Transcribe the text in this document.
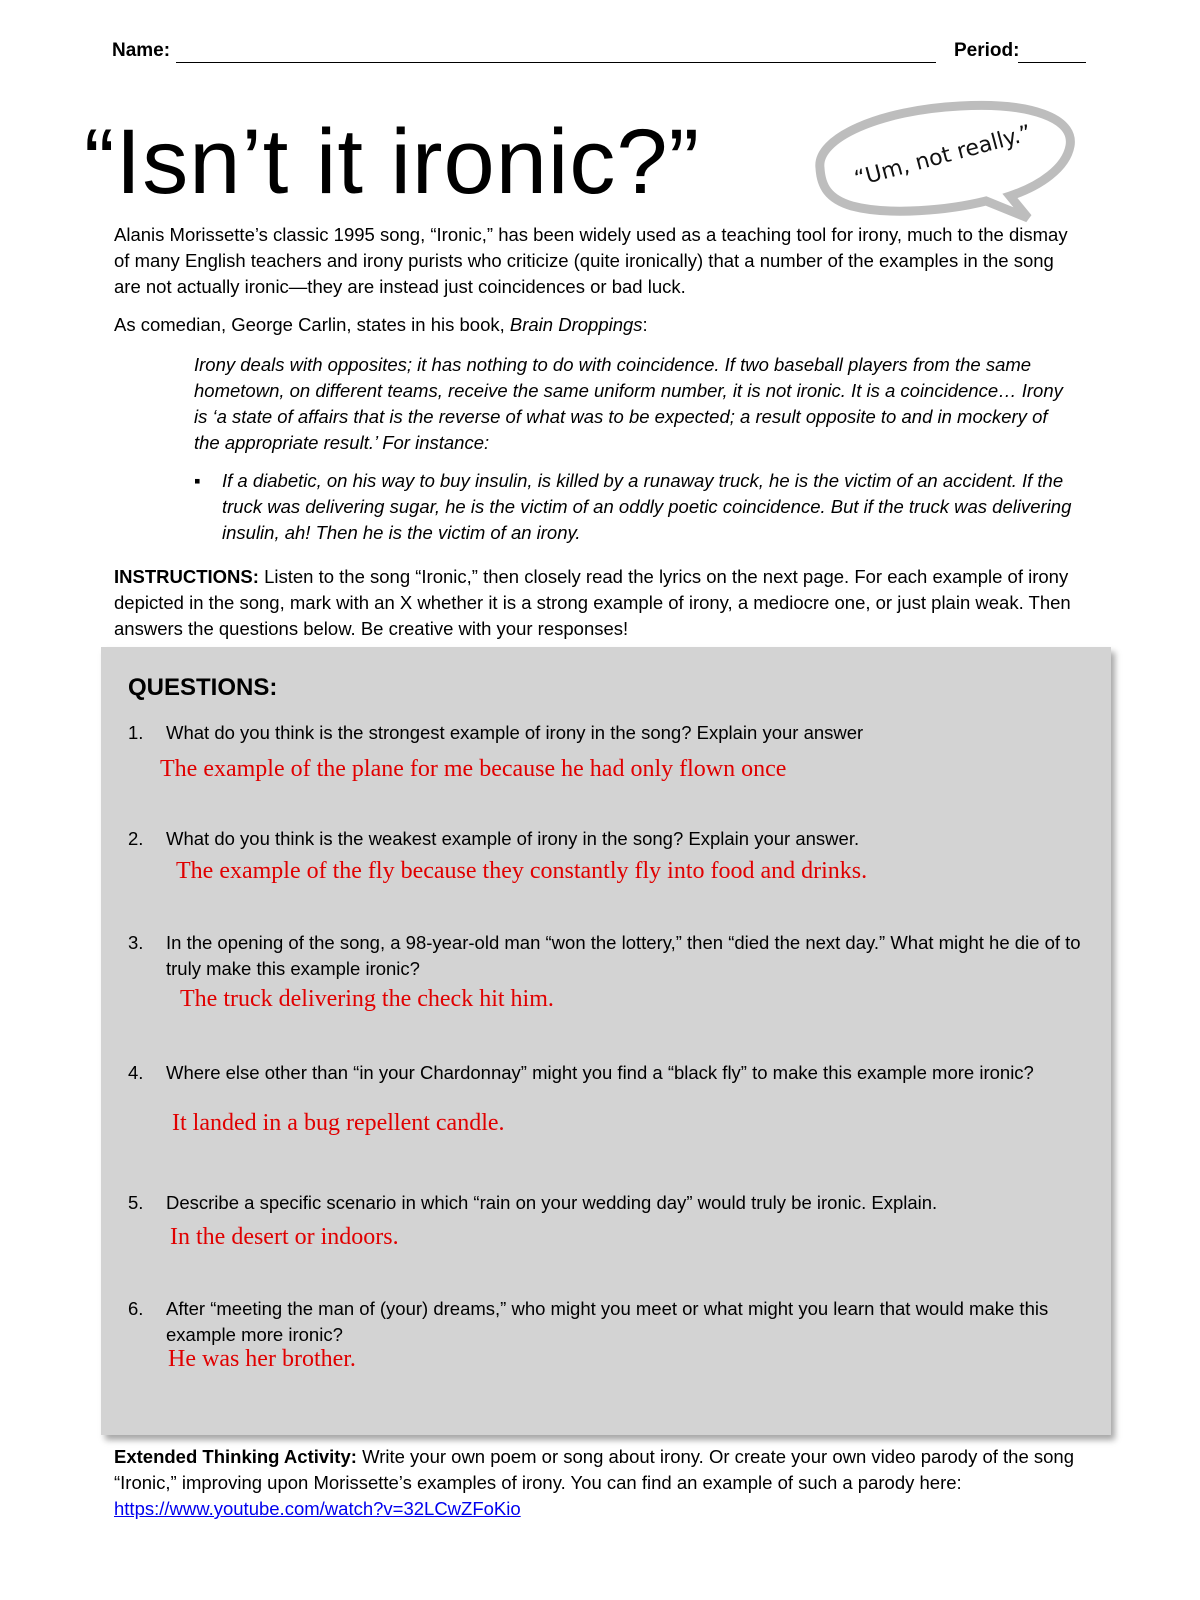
Name:	Period:
“Isn’t it ironic?”	“Um, not really.”
Alanis Morissette’s classic 1995 song, “Ironic,” has been widely used as a teaching tool for irony, much to the dismay of many English teachers and irony purists who criticize (quite ironically) that a number of the examples in the song are not actually ironic—they are instead just coincidences or bad luck.
As comedian, George Carlin, states in his book, Brain Droppings:
Irony deals with opposites; it has nothing to do with coincidence. If two baseball players from the same hometown, on different teams, receive the same uniform number, it is not ironic. It is a coincidence… Irony is ‘a state of affairs that is the reverse of what was to be expected; a result opposite to and in mockery of the appropriate result.’ For instance:
▪ If a diabetic, on his way to buy insulin, is killed by a runaway truck, he is the victim of an accident. If the truck was delivering sugar, he is the victim of an oddly poetic coincidence. But if the truck was delivering insulin, ah! Then he is the victim of an irony.
INSTRUCTIONS: Listen to the song “Ironic,” then closely read the lyrics on the next page. For each example of irony depicted in the song, mark with an X whether it is a strong example of irony, a mediocre one, or just plain weak. Then answers the questions below. Be creative with your responses!
QUESTIONS:
1. What do you think is the strongest example of irony in the song? Explain your answer
The example of the plane for me because he had only flown once
2. What do you think is the weakest example of irony in the song? Explain your answer.
The example of the fly because they constantly fly into food and drinks.
3. In the opening of the song, a 98-year-old man “won the lottery,” then “died the next day.” What might he die of to truly make this example ironic?
The truck delivering the check hit him.
4. Where else other than “in your Chardonnay” might you find a “black fly” to make this example more ironic?
It landed in a bug repellent candle.
5. Describe a specific scenario in which “rain on your wedding day” would truly be ironic. Explain.
In the desert or indoors.
6. After “meeting the man of (your) dreams,” who might you meet or what might you learn that would make this example more ironic?
He was her brother.
Extended Thinking Activity: Write your own poem or song about irony. Or create your own video parody of the song “Ironic,” improving upon Morissette’s examples of irony. You can find an example of such a parody here: https://www.youtube.com/watch?v=32LCwZFoKio
